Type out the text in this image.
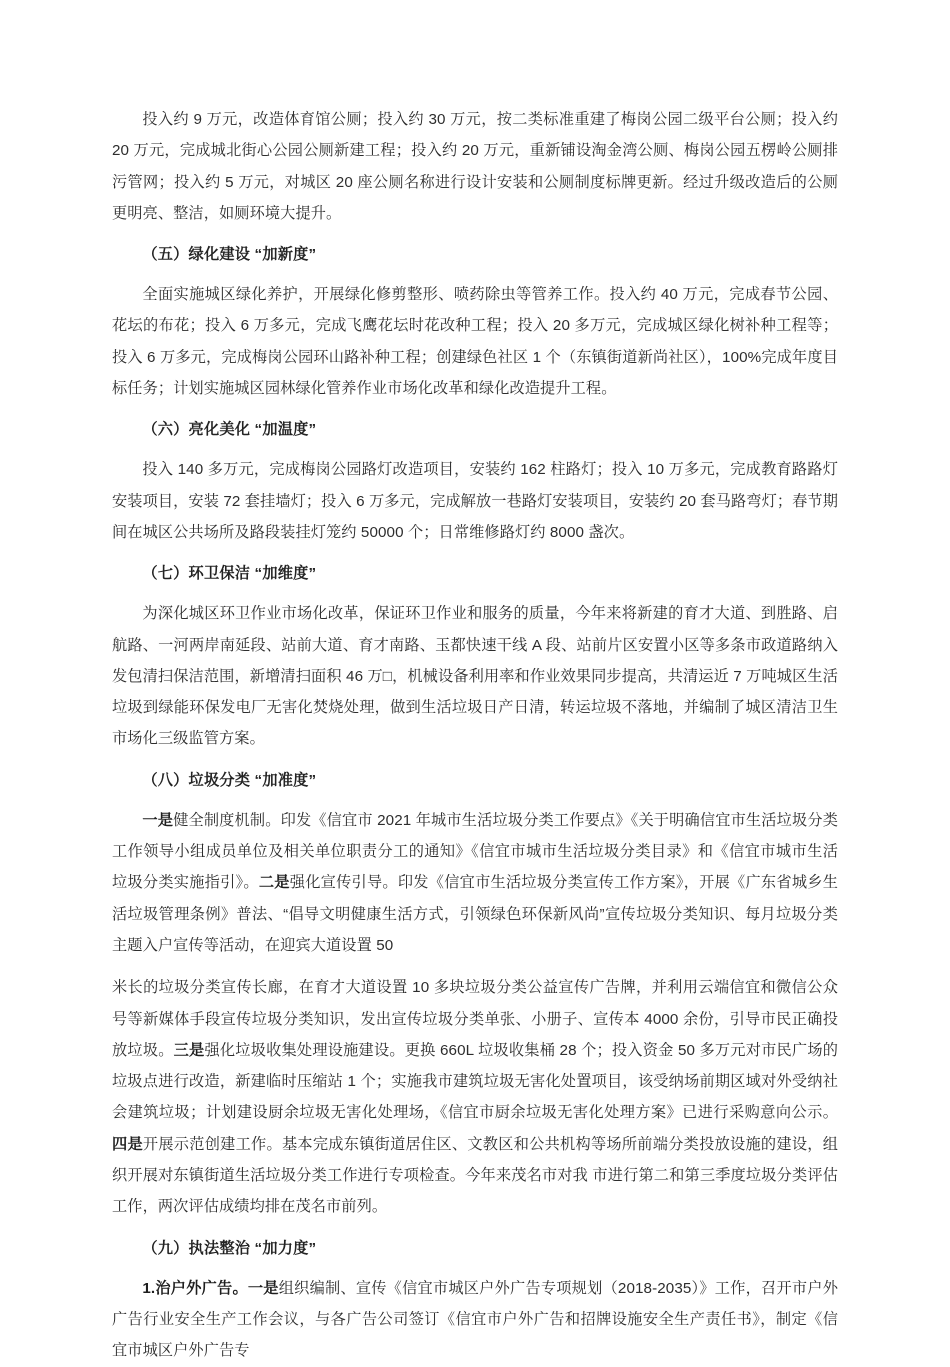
投入约 9 万元，改造体育馆公厕；投入约 30 万元，按二类标准重建了梅岗公园二级平台公厕；投入约 20 万元，完成城北街心公园公厕新建工程；投入约 20 万元，重新铺设淘金湾公厕、梅岗公园五楞岭公厕排污管网；投入约 5 万元，对城区 20 座公厕名称进行设计安装和公厕制度标牌更新。经过升级改造后的公厕更明亮、整洁，如厕环境大提升。

（五）绿化建设 “加新度”

全面实施城区绿化养护，开展绿化修剪整形、喷药除虫等管养工作。投入约 40 万元，完成春节公园、花坛的布花；投入 6 万多元，完成飞鹰花坛时花改种工程；投入 20 多万元，完成城区绿化树补种工程等；投入 6 万多元，完成梅岗公园环山路补种工程；创建绿色社区 1 个（东镇街道新尚社区），100%完成年度目标任务；计划实施城区园林绿化管养作业市场化改革和绿化改造提升工程。

（六）亮化美化 “加温度”

投入 140 多万元，完成梅岗公园路灯改造项目，安装约 162 柱路灯；投入 10 万多元，完成教育路路灯安装项目，安装 72 套挂墙灯；投入 6 万多元，完成解放一巷路灯安装项目，安装约 20 套马路弯灯；春节期间在城区公共场所及路段装挂灯笼约 50000 个；日常维修路灯约 8000 盏次。

（七）环卫保洁 “加维度”

为深化城区环卫作业市场化改革，保证环卫作业和服务的质量，今年来将新建的育才大道、到胜路、启航路、一河两岸南延段、站前大道、育才南路、玉都快速干线 A 段、站前片区安置小区等多条市政道路纳入发包清扫保洁范围，新增清扫面积 46 万□，机械设备利用率和作业效果同步提高，共清运近 7 万吨城区生活垃圾到绿能环保发电厂无害化焚烧处理，做到生活垃圾日产日清，转运垃圾不落地，并编制了城区清洁卫生市场化三级监管方案。

（八）垃圾分类 “加准度”

一是健全制度机制。印发《信宜市 2021 年城市生活垃圾分类工作要点》《关于明确信宜市生活垃圾分类工作领导小组成员单位及相关单位职责分工的通知》《信宜市城市生活垃圾分类目录》和《信宜市城市生活垃圾分类实施指引》。二是强化宣传引导。印发《信宜市生活垃圾分类宣传工作方案》，开展《广东省城乡生活垃圾管理条例》普法、“倡导文明健康生活方式，引领绿色环保新风尚”宣传垃圾分类知识、每月垃圾分类主题入户宣传等活动，在迎宾大道设置 50

米长的垃圾分类宣传长廊，在育才大道设置 10 多块垃圾分类公益宣传广告牌，并利用云端信宜和微信公众号等新媒体手段宣传垃圾分类知识，发出宣传垃圾分类单张、小册子、宣传本 4000 余份，引导市民正确投放垃圾。三是强化垃圾收集处理设施建设。更换 660L 垃圾收集桶 28 个；投入资金 50 多万元对市民广场的垃圾点进行改造，新建临时压缩站 1 个；实施我市建筑垃圾无害化处置项目，该受纳场前期区域对外受纳社会建筑垃圾；计划建设厨余垃圾无害化处理场，《信宜市厨余垃圾无害化处理方案》已进行采购意向公示。四是开展示范创建工作。基本完成东镇街道居住区、文教区和公共机构等场所前端分类投放设施的建设，组织开展对东镇街道生活垃圾分类工作进行专项检查。今年来茂名市对我 市进行第二和第三季度垃圾分类评估工作，两次评估成绩均排在茂名市前列。

（九）执法整治 “加力度”

1.治户外广告。一是组织编制、宣传《信宜市城区户外广告专项规划（2018-2035）》工作，召开市户外广告行业安全生产工作会议，与各广告公司签订《信宜市户外广告和招牌设施安全生产责任书》，制定《信宜市城区户外广告专
